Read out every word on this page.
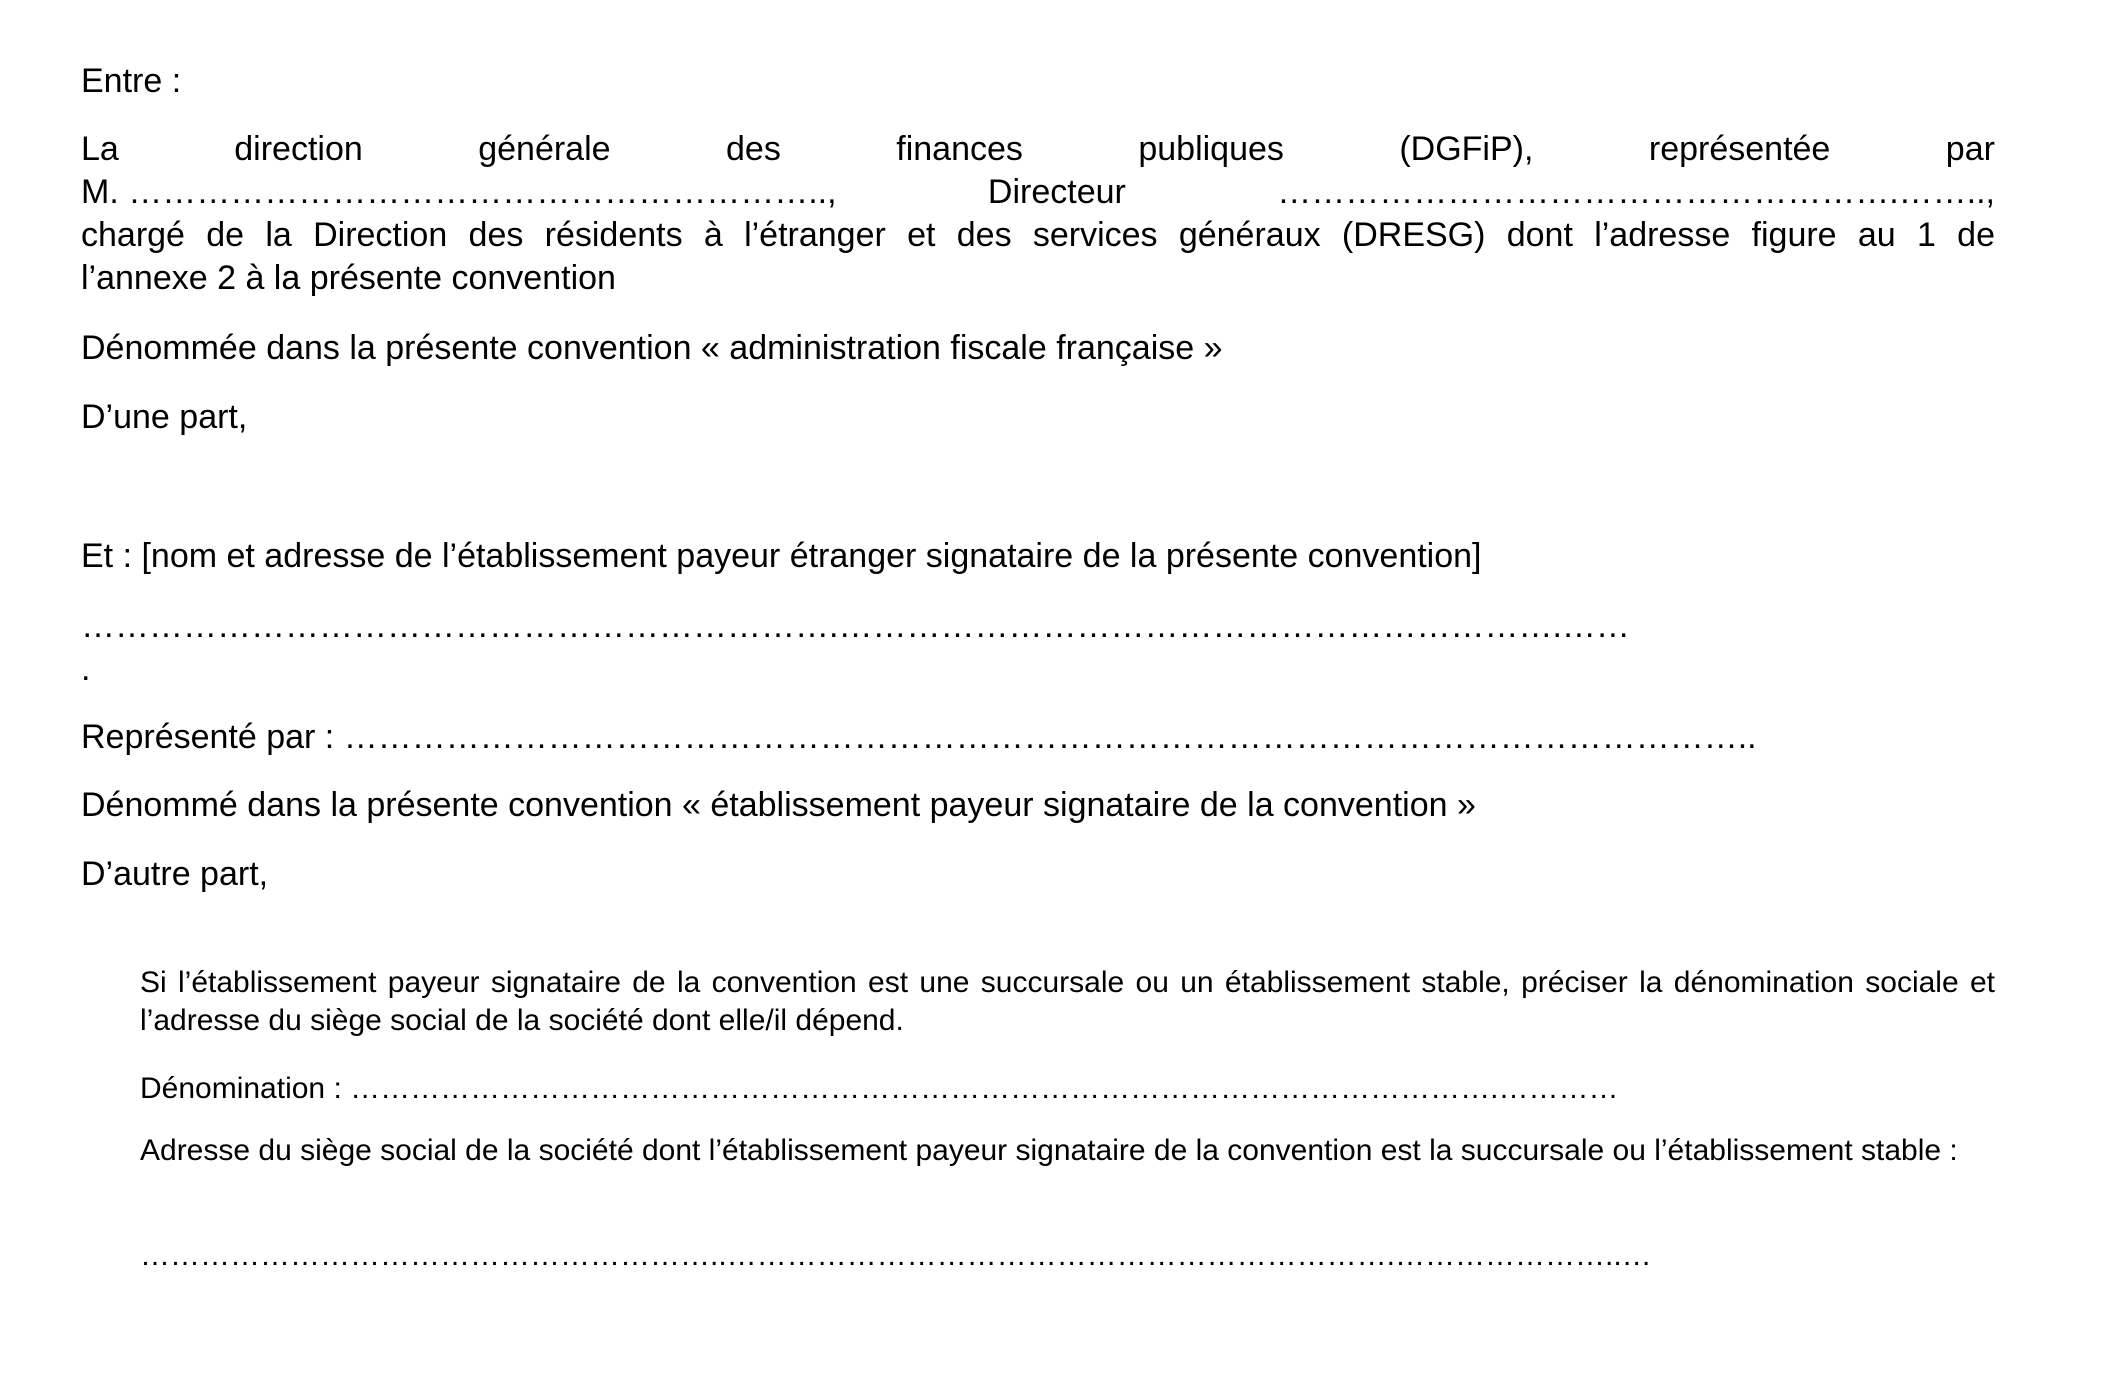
Entre :

La	direction	générale	des	finances	publiques	(DGFiP),	représentée	par
M. ……………………………………………………..,	Directeur	……………………………………………….……..,
chargé de la Direction des résidents à l’étranger et des services généraux (DRESG) dont l’adresse figure au 1 de
l’annexe 2 à la présente convention

Dénommée dans la présente convention « administration fiscale française »

D’une part,

Et : [nom et adresse de l’établissement payeur étranger signataire de la présente convention]

………………………………………………………….……………………………………………………….……
.

Représenté par : ……………………………………………………………………………………………………………..

Dénommé dans la présente convention « établissement payeur signataire de la convention »

D’autre part,

Si l’établissement payeur signataire de la convention est une succursale ou un établissement stable, préciser la dénomination sociale et l’adresse du siège social de la société dont elle/il dépend.

Dénomination : …………………………………………………………………………………………………….…………

Adresse du siège social de la société dont l’établissement payeur signataire de la convention est la succursale ou l’établissement stable :

…………………………………………………..………………………………………………………….…………………..…
